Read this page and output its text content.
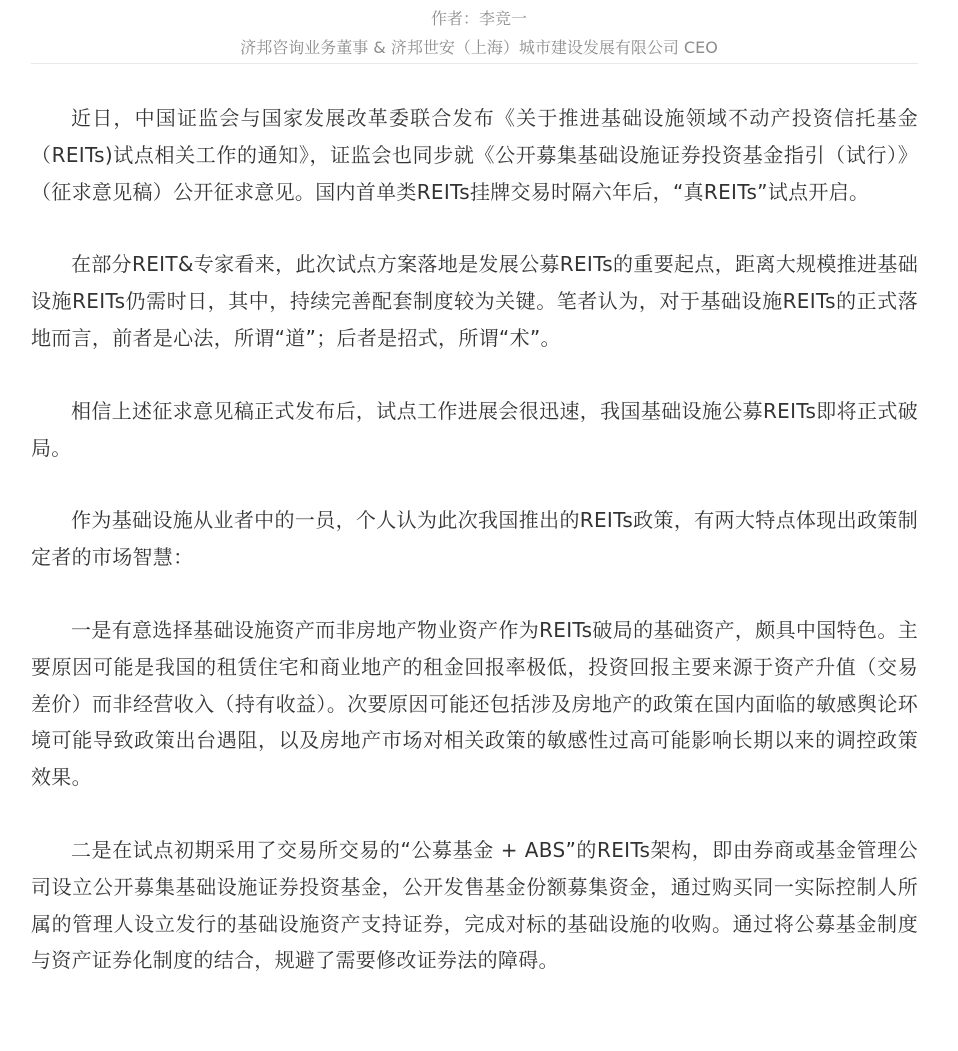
作者：李竞一

济邦咨询业务董事 & 济邦世安（上海）城市建设发展有限公司 CEO

近日，中国证监会与国家发展改革委联合发布《关于推进基础设施领域不动产投资信托基金（REITs)试点相关工作的通知》，证监会也同步就《公开募集基础设施证券投资基金指引（试行）》（征求意见稿）公开征求意见。国内首单类REITs挂牌交易时隔六年后，“真REITs”试点开启。

在部分REIT&专家看来，此次试点方案落地是发展公募REITs的重要起点，距离大规模推进基础设施REITs仍需时日，其中，持续完善配套制度较为关键。笔者认为，对于基础设施REITs的正式落地而言，前者是心法，所谓“道”；后者是招式，所谓“术”。

相信上述征求意见稿正式发布后，试点工作进展会很迅速，我国基础设施公募REITs即将正式破局。

作为基础设施从业者中的一员，个人认为此次我国推出的REITs政策，有两大特点体现出政策制定者的市场智慧：

一是有意选择基础设施资产而非房地产物业资产作为REITs破局的基础资产，颇具中国特色。主要原因可能是我国的租赁住宅和商业地产的租金回报率极低，投资回报主要来源于资产升值（交易差价）而非经营收入（持有收益）。次要原因可能还包括涉及房地产的政策在国内面临的敏感舆论环境可能导致政策出台遇阻，以及房地产市场对相关政策的敏感性过高可能影响长期以来的调控政策效果。

二是在试点初期采用了交易所交易的“公募基金 + ABS”的REITs架构，即由券商或基金管理公司设立公开募集基础设施证券投资基金，公开发售基金份额募集资金，通过购买同一实际控制人所属的管理人设立发行的基础设施资产支持证券，完成对标的基础设施的收购。通过将公募基金制度与资产证券化制度的结合，规避了需要修改证券法的障碍。
